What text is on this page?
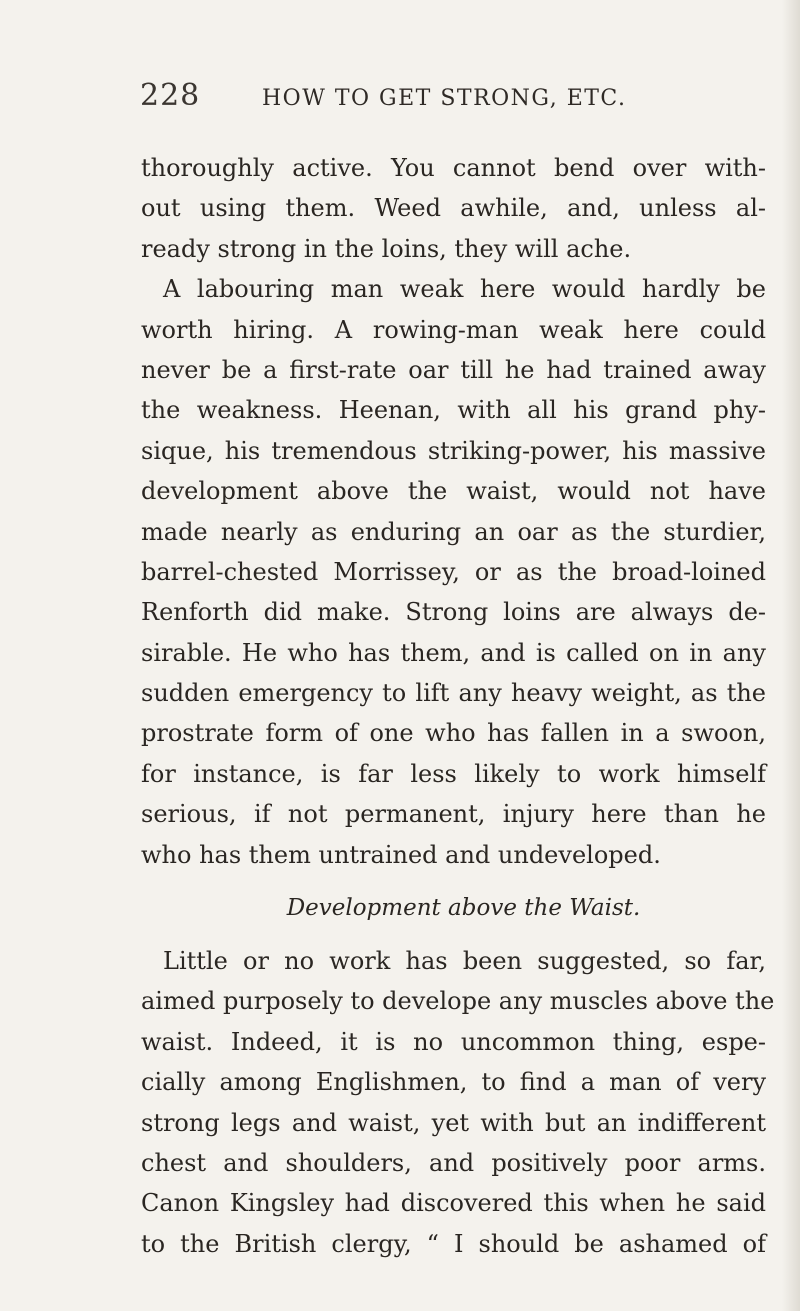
228	HOW TO GET STRONG, ETC.
thoroughly active. You cannot bend over with-
out using them. Weed awhile, and, unless al-
ready strong in the loins, they will ache.
A labouring man weak here would hardly be
worth hiring. A rowing-man weak here could
never be a first-rate oar till he had trained away
the weakness. Heenan, with all his grand phy-
sique, his tremendous striking-power, his massive
development above the waist, would not have
made nearly as enduring an oar as the sturdier,
barrel-chested Morrissey, or as the broad-loined
Renforth did make. Strong loins are always de-
sirable. He who has them, and is called on in any
sudden emergency to lift any heavy weight, as the
prostrate form of one who has fallen in a swoon,
for instance, is far less likely to work himself
serious, if not permanent, injury here than he
who has them untrained and undeveloped.
Development above the Waist.
Little or no work has been suggested, so far,
aimed purposely to develope any muscles above the
waist. Indeed, it is no uncommon thing, espe-
cially among Englishmen, to find a man of very
strong legs and waist, yet with but an indifferent
chest and shoulders, and positively poor arms.
Canon Kingsley had discovered this when he said
to the British clergy, “ I should be ashamed of
